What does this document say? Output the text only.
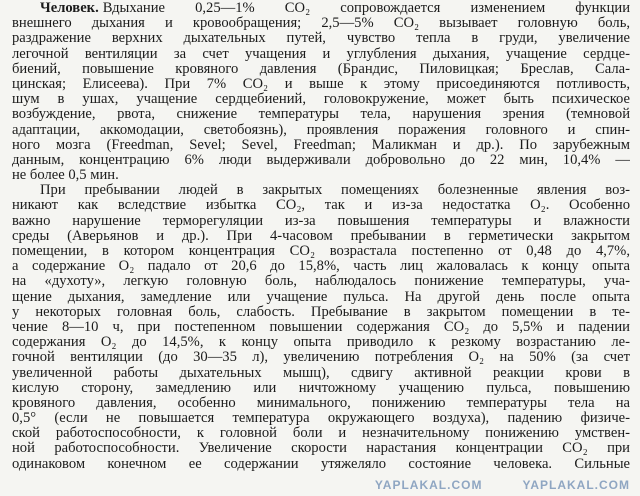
Человек. Вдыхание 0,25—1% CO₂ сопровождается изменением функции
внешнего дыхания и кровообращения; 2,5—5% CO₂ вызывает головную боль,
раздражение верхних дыхательных путей, чувство тепла в груди, увеличение
легочной вентиляции за счет учащения и углубления дыхания, учащение сердце-
биений, повышение кровяного давления (Брандис, Пиловицкая; Бреслав, Сала-
цинская; Елисеева). При 7% CO₂ и выше к этому присоединяются потливость,
шум в ушах, учащение сердцебиений, головокружение, может быть психическое
возбуждение, рвота, снижение температуры тела, нарушения зрения (темновой
адаптации, аккомодации, светобоязнь), проявления поражения головного и спин-
ного мозга (Freedman, Sevel; Sevel, Freedman; Маликман и др.). По зарубежным
данным, концентрацию 6% люди выдерживали добровольно до 22 мин, 10,4% —
не более 0,5 мин.
При пребывании людей в закрытых помещениях болезненные явления воз-
никают как вследствие избытка CO₂, так и из-за недостатка O₂. Особенно
важно нарушение терморегуляции из-за повышения температуры и влажности
среды (Аверьянов и др.). При 4-часовом пребывании в герметически закрытом
помещении, в котором концентрация CO₂ возрастала постепенно от 0,48 до 4,7%,
а содержание O₂ падало от 20,6 до 15,8%, часть лиц жаловалась к концу опыта
на «духоту», легкую головную боль, наблюдалось понижение температуры, уча-
щение дыхания, замедление или учащение пульса. На другой день после опыта
у некоторых головная боль, слабость. Пребывание в закрытом помещении в те-
чение 8—10 ч, при постепенном повышении содержания CO₂ до 5,5% и падении
содержания O₂ до 14,5%, к концу опыта приводило к резкому возрастанию ле-
гочной вентиляции (до 30—35 л), увеличению потребления O₂ на 50% (за счет
увеличенной работы дыхательных мышц), сдвигу активной реакции крови в
кислую сторону, замедлению или ничтожному учащению пульса, повышению
кровяного давления, особенно минимального, понижению температуры тела на
0,5° (если не повышается температура окружающего воздуха), падению физиче-
ской работоспособности, к головной боли и незначительному понижению умствен-
ной работоспособности. Увеличение скорости нарастания концентрации CO₂ при
одинаковом конечном ее содержании утяжеляло состояние человека. Сильные
YAPLAKAL.COM	YAPLAKAL.COM
